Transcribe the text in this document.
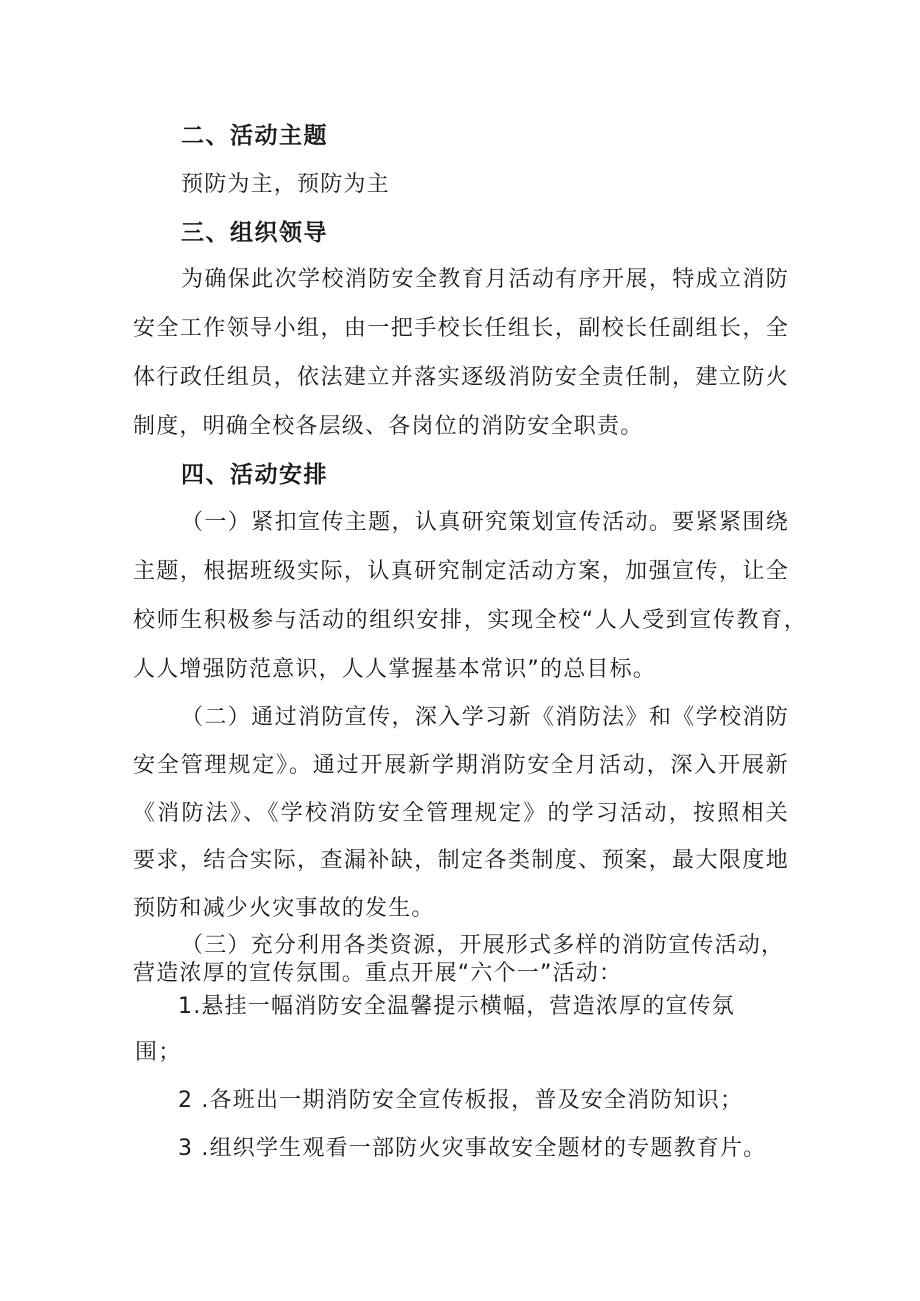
二、活动主题

预防为主，预防为主

三、组织领导

为确保此次学校消防安全教育月活动有序开展，特成立消防

安全工作领导小组，由一把手校长任组长，副校长任副组长，全

体行政任组员，依法建立并落实逐级消防安全责任制，建立防火

制度，明确全校各层级、各岗位的消防安全职责。

四、活动安排

（一）紧扣宣传主题，认真研究策划宣传活动。要紧紧围绕

主题，根据班级实际，认真研究制定活动方案，加强宣传，让全

校师生积极参与活动的组织安排，实现全校“人人受到宣传教育，

人人增强防范意识，人人掌握基本常识”的总目标。

（二）通过消防宣传，深入学习新《消防法》和《学校消防

安全管理规定》。通过开展新学期消防安全月活动，深入开展新

《消防法》、《学校消防安全管理规定》的学习活动，按照相关

要求，结合实际，查漏补缺，制定各类制度、预案，最大限度地

预防和减少火灾事故的发生。

（三）充分利用各类资源，开展形式多样的消防宣传活动，

营造浓厚的宣传氛围。重点开展“六个一”活动：

1.悬挂一幅消防安全温馨提示横幅，营造浓厚的宣传氛

围；

2 .各班出一期消防安全宣传板报，普及安全消防知识；

3 .组织学生观看一部防火灾事故安全题材的专题教育片。
